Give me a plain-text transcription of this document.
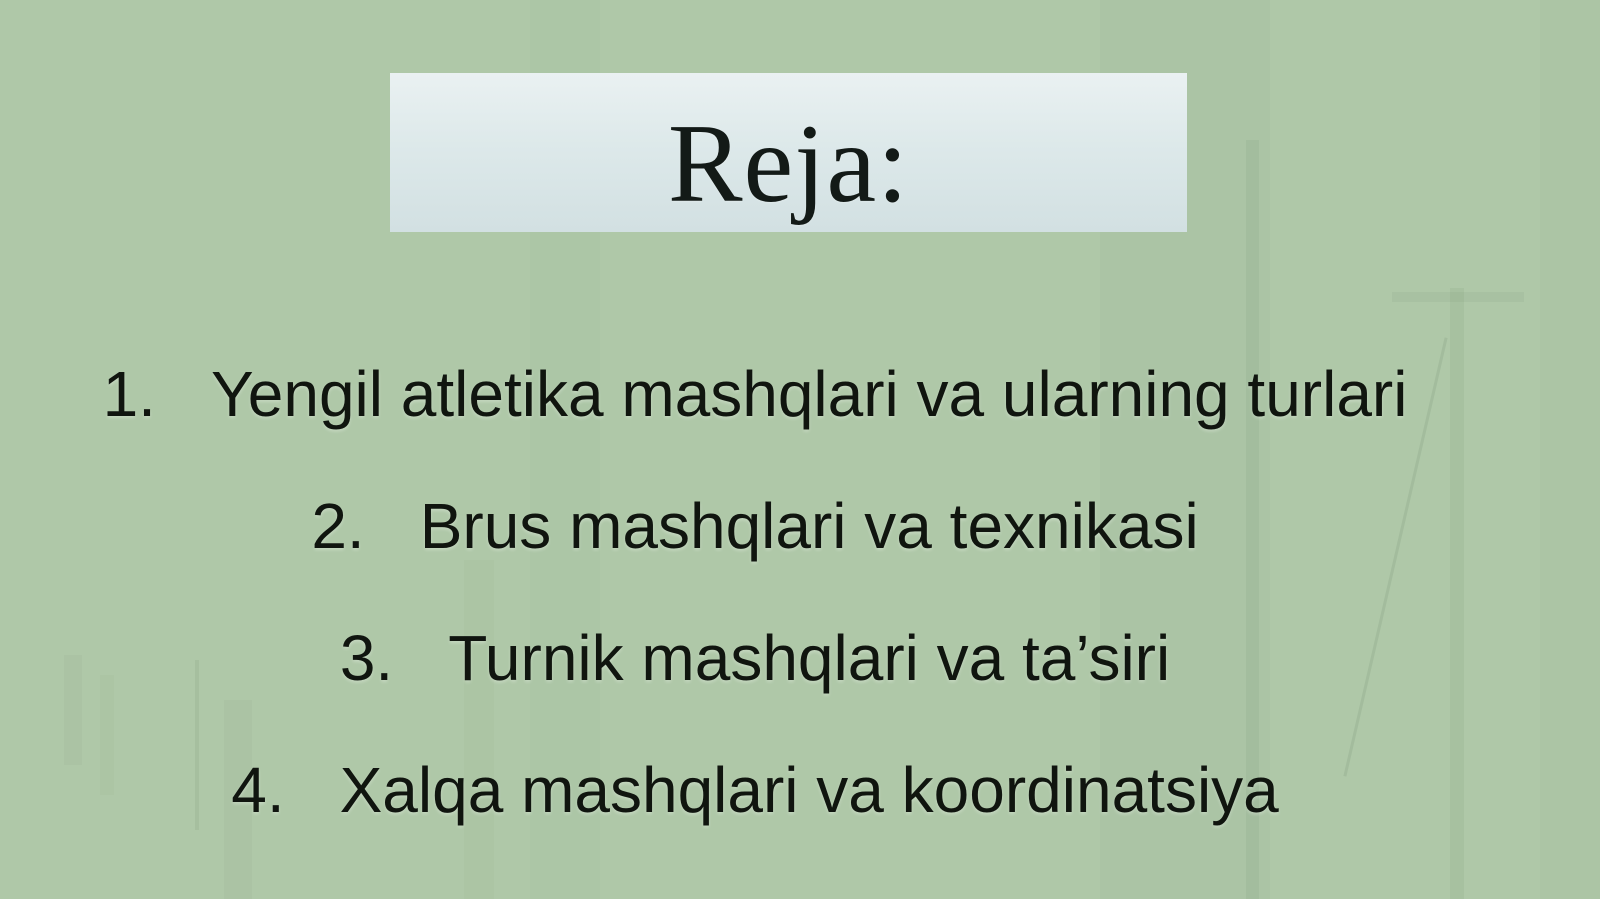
Reja:
1. Yengil atletika mashqlari va ularning turlari
2. Brus mashqlari va texnikasi
3. Turnik mashqlari va ta’siri
4. Xalqa mashqlari va koordinatsiya
